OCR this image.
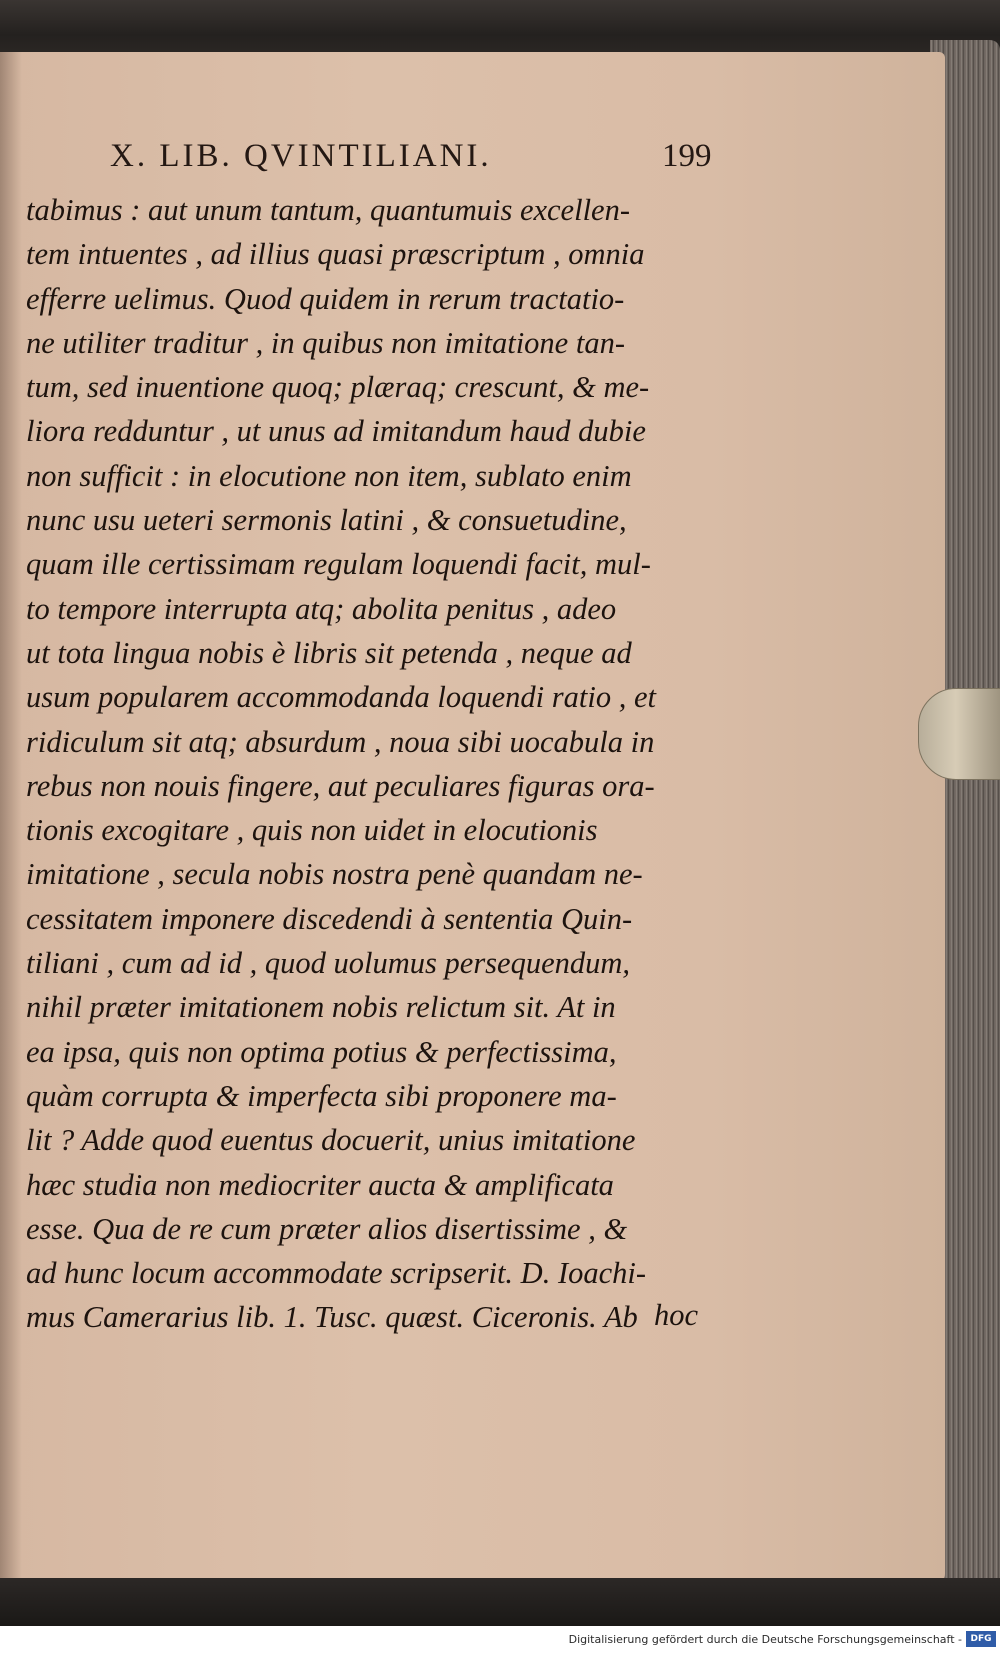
X. LIB. QVINTILIANI.	199
tabimus : aut unum tantum, quantumuis excellen-
tem intuentes , ad illius quasi præscriptum , omnia
efferre uelimus. Quod quidem in rerum tractatio-
ne utiliter traditur , in quibus non imitatione tan-
tum, sed inuentione quoq; plæraq; crescunt, & me-
liora redduntur , ut unus ad imitandum haud dubie
non sufficit : in elocutione non item, sublato enim
nunc usu ueteri sermonis latini , & consuetudine,
quam ille certissimam regulam loquendi facit, mul-
to tempore interrupta atq; abolita penitus , adeo
ut tota lingua nobis è libris sit petenda , neque ad
usum popularem accommodanda loquendi ratio , et
ridiculum sit atq; absurdum , noua sibi uocabula in
rebus non nouis fingere, aut peculiares figuras ora-
tionis excogitare , quis non uidet in elocutionis
imitatione , secula nobis nostra penè quandam ne-
cessitatem imponere discedendi à sententia Quin-
tiliani , cum ad id , quod uolumus persequendum,
nihil præter imitationem nobis relictum sit. At in
ea ipsa, quis non optima potius & perfectissima,
quàm corrupta & imperfecta sibi proponere ma-
lit ? Adde quod euentus docuerit, unius imitatione
hæc studia non mediocriter aucta & amplificata
esse. Qua de re cum præter alios disertissime , &
ad hunc locum accommodate scripserit. D. Ioachi-
mus Camerarius lib. 1. Tusc. quæst. Ciceronis. Ab hoc
Digitalisierung gefördert durch die Deutsche Forschungsgemeinschaft - DFG
